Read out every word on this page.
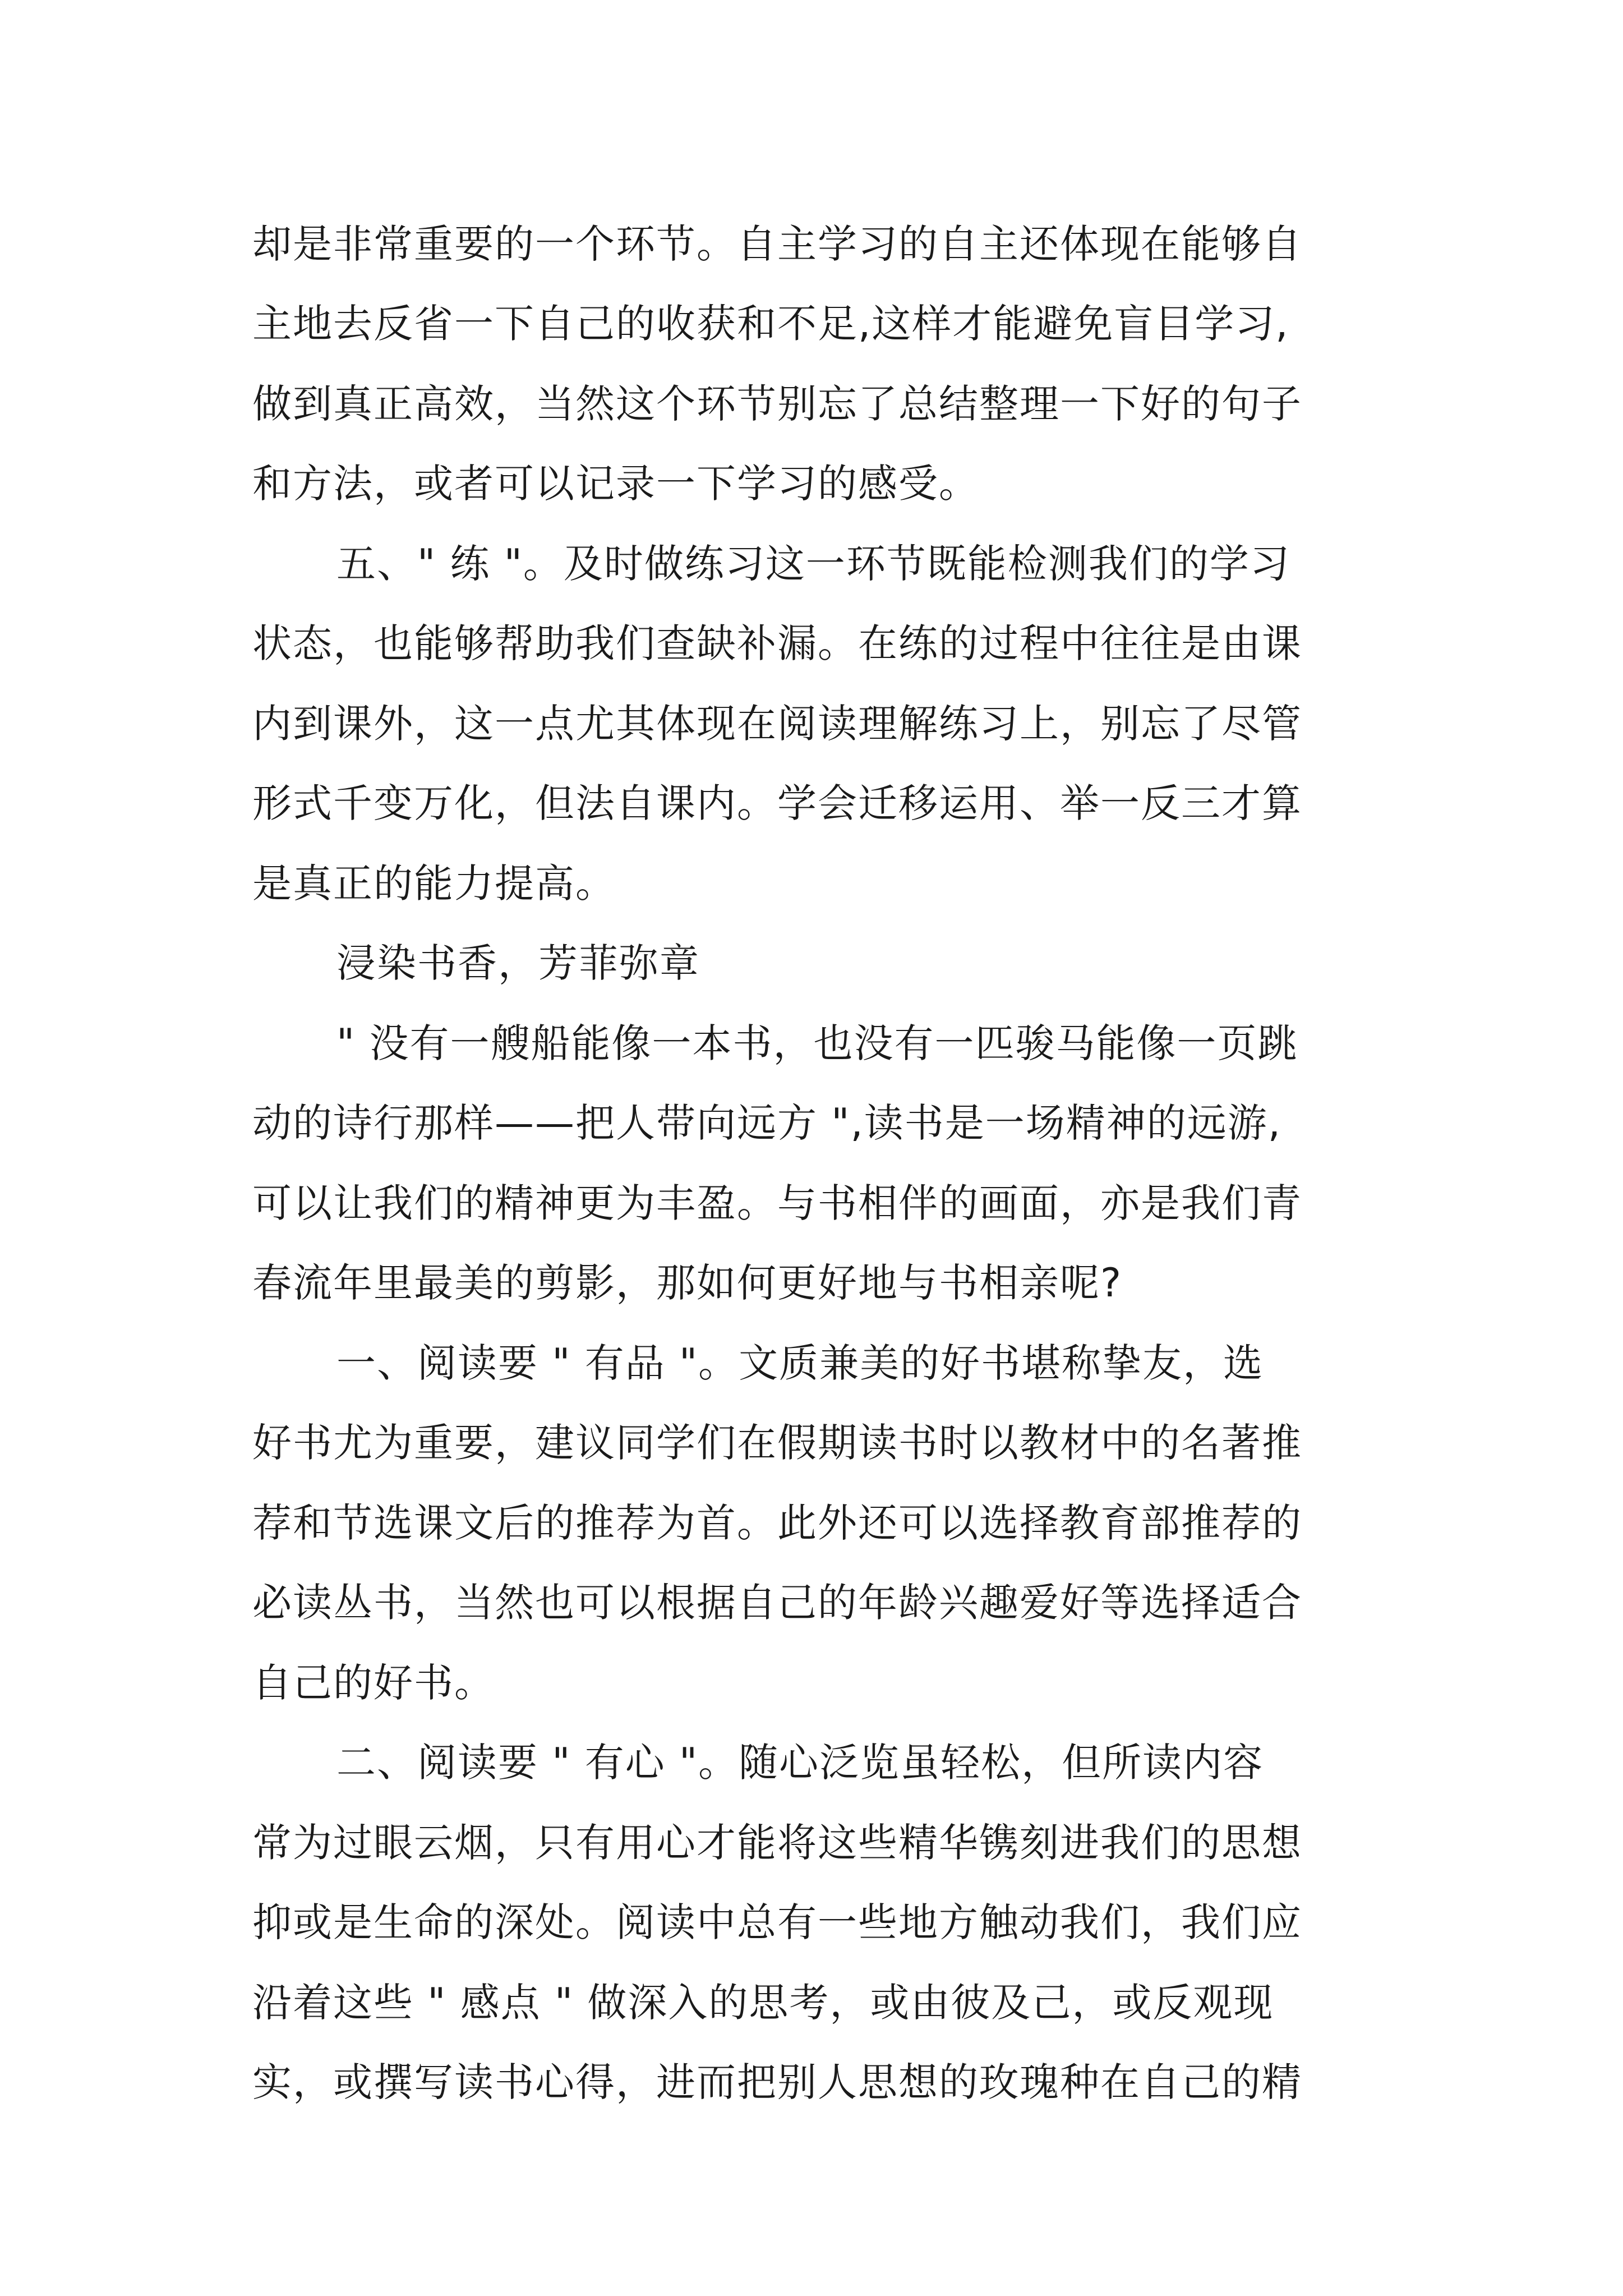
却是非常重要的一个环节。自主学习的自主还体现在能够自
主地去反省一下自己的收获和不足,这样才能避免盲目学习,
做到真正高效，当然这个环节别忘了总结整理一下好的句子
和方法，或者可以记录一下学习的感受。
五、" 练 "。及时做练习这一环节既能检测我们的学习
状态，也能够帮助我们查缺补漏。在练的过程中往往是由课
内到课外，这一点尤其体现在阅读理解练习上，别忘了尽管
形式千变万化，但法自课内。学会迁移运用、举一反三才算
是真正的能力提高。
浸染书香，芳菲弥章
" 没有一艘船能像一本书，也没有一匹骏马能像一页跳
动的诗行那样——把人带向远方 ",读书是一场精神的远游,
可以让我们的精神更为丰盈。与书相伴的画面，亦是我们青
春流年里最美的剪影，那如何更好地与书相亲呢?
一、阅读要 " 有品 "。文质兼美的好书堪称挚友，选
好书尤为重要，建议同学们在假期读书时以教材中的名著推
荐和节选课文后的推荐为首。此外还可以选择教育部推荐的
必读丛书，当然也可以根据自己的年龄兴趣爱好等选择适合
自己的好书。
二、阅读要 " 有心 "。随心泛览虽轻松，但所读内容
常为过眼云烟，只有用心才能将这些精华镌刻进我们的思想
抑或是生命的深处。阅读中总有一些地方触动我们，我们应
沿着这些 " 感点 " 做深入的思考，或由彼及己，或反观现
实，或撰写读书心得，进而把别人思想的玫瑰种在自己的精
